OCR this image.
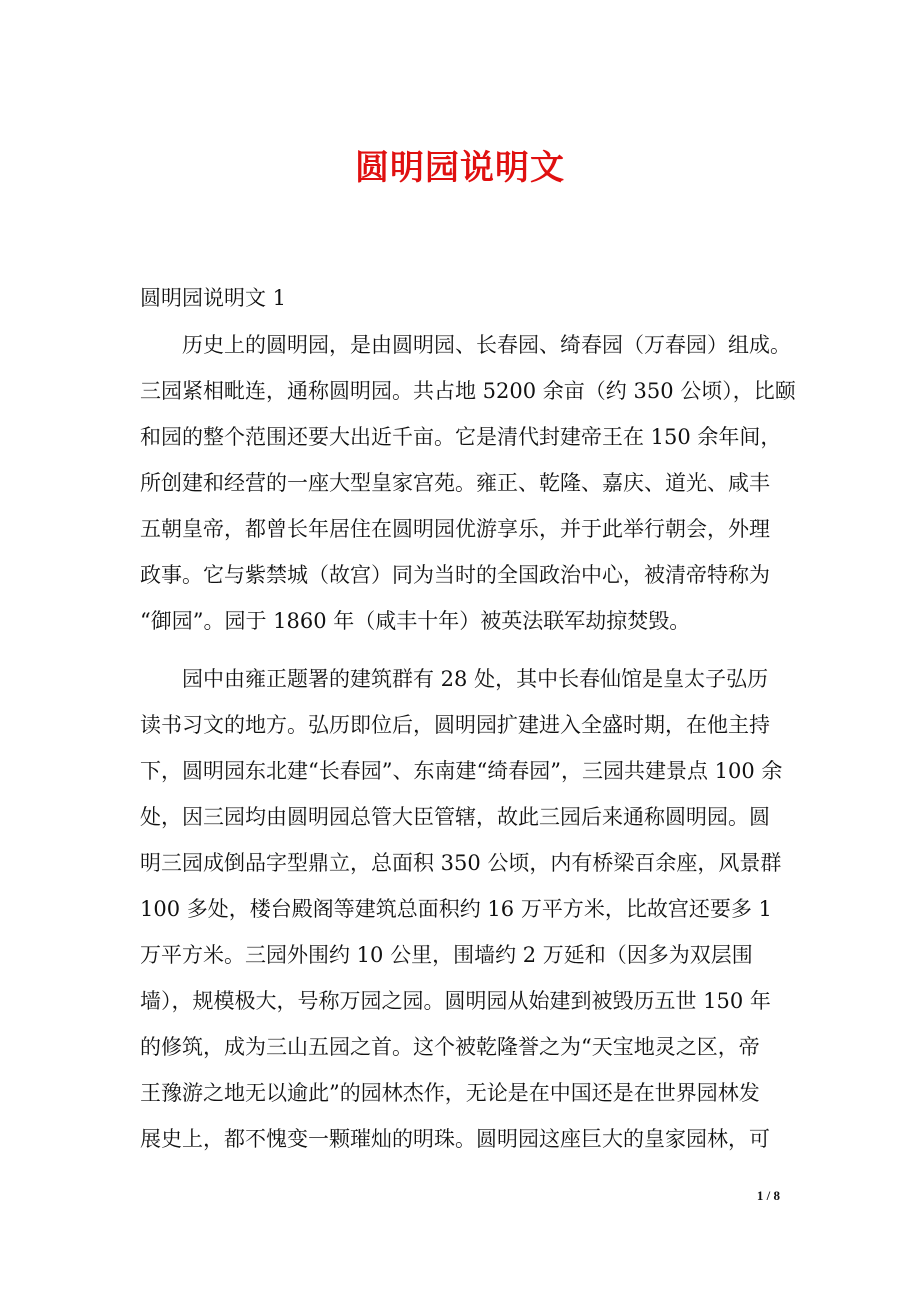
圆明园说明文
圆明园说明文 1
　　历史上的圆明园，是由圆明园、长春园、绮春园（万春园）组成。
三园紧相毗连，通称圆明园。共占地 5200 余亩（约 350 公顷），比颐
和园的整个范围还要大出近千亩。它是清代封建帝王在 150 余年间，
所创建和经营的一座大型皇家宫苑。雍正、乾隆、嘉庆、道光、咸丰
五朝皇帝，都曾长年居住在圆明园优游享乐，并于此举行朝会，外理
政事。它与紫禁城（故宫）同为当时的全国政治中心，被清帝特称为
“御园”。园于 1860 年（咸丰十年）被英法联军劫掠焚毁。
　　园中由雍正题署的建筑群有 28 处，其中长春仙馆是皇太子弘历
读书习文的地方。弘历即位后，圆明园扩建进入全盛时期，在他主持
下，圆明园东北建“长春园”、东南建“绮春园”，三园共建景点 100 余
处，因三园均由圆明园总管大臣管辖，故此三园后来通称圆明园。圆
明三园成倒品字型鼎立，总面积 350 公顷，内有桥梁百余座，风景群
100 多处，楼台殿阁等建筑总面积约 16 万平方米，比故宫还要多 1
万平方米。三园外围约 10 公里，围墙约 2 万延和（因多为双层围
墙），规模极大，号称万园之园。圆明园从始建到被毁历五世 150 年
的修筑，成为三山五园之首。这个被乾隆誉之为“天宝地灵之区，帝
王豫游之地无以逾此”的园林杰作，无论是在中国还是在世界园林发
展史上，都不愧变一颗璀灿的明珠。圆明园这座巨大的皇家园林，可
1 / 8
